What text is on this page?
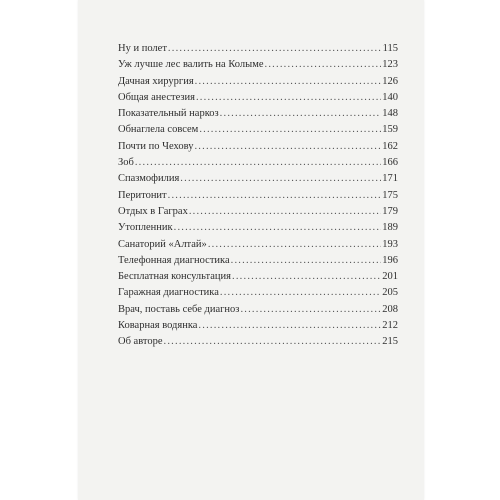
Ну и полет .....	115
Уж лучше лес валить на Колыме .....	123
Дачная хирургия .....	126
Общая анестезия .....	140
Показательный наркоз .....	148
Обнаглела совсем .....	159
Почти по Чехову .....	162
Зоб .....	166
Спазмофилия .....	171
Перитонит .....	175
Отдых в Гаграх .....	179
Утопленник .....	189
Санаторий «Алтай» .....	193
Телефонная диагностика .....	196
Бесплатная консультация .....	201
Гаражная диагностика .....	205
Врач, поставь себе диагноз .....	208
Коварная водянка .....	212
Об авторе .....	215
